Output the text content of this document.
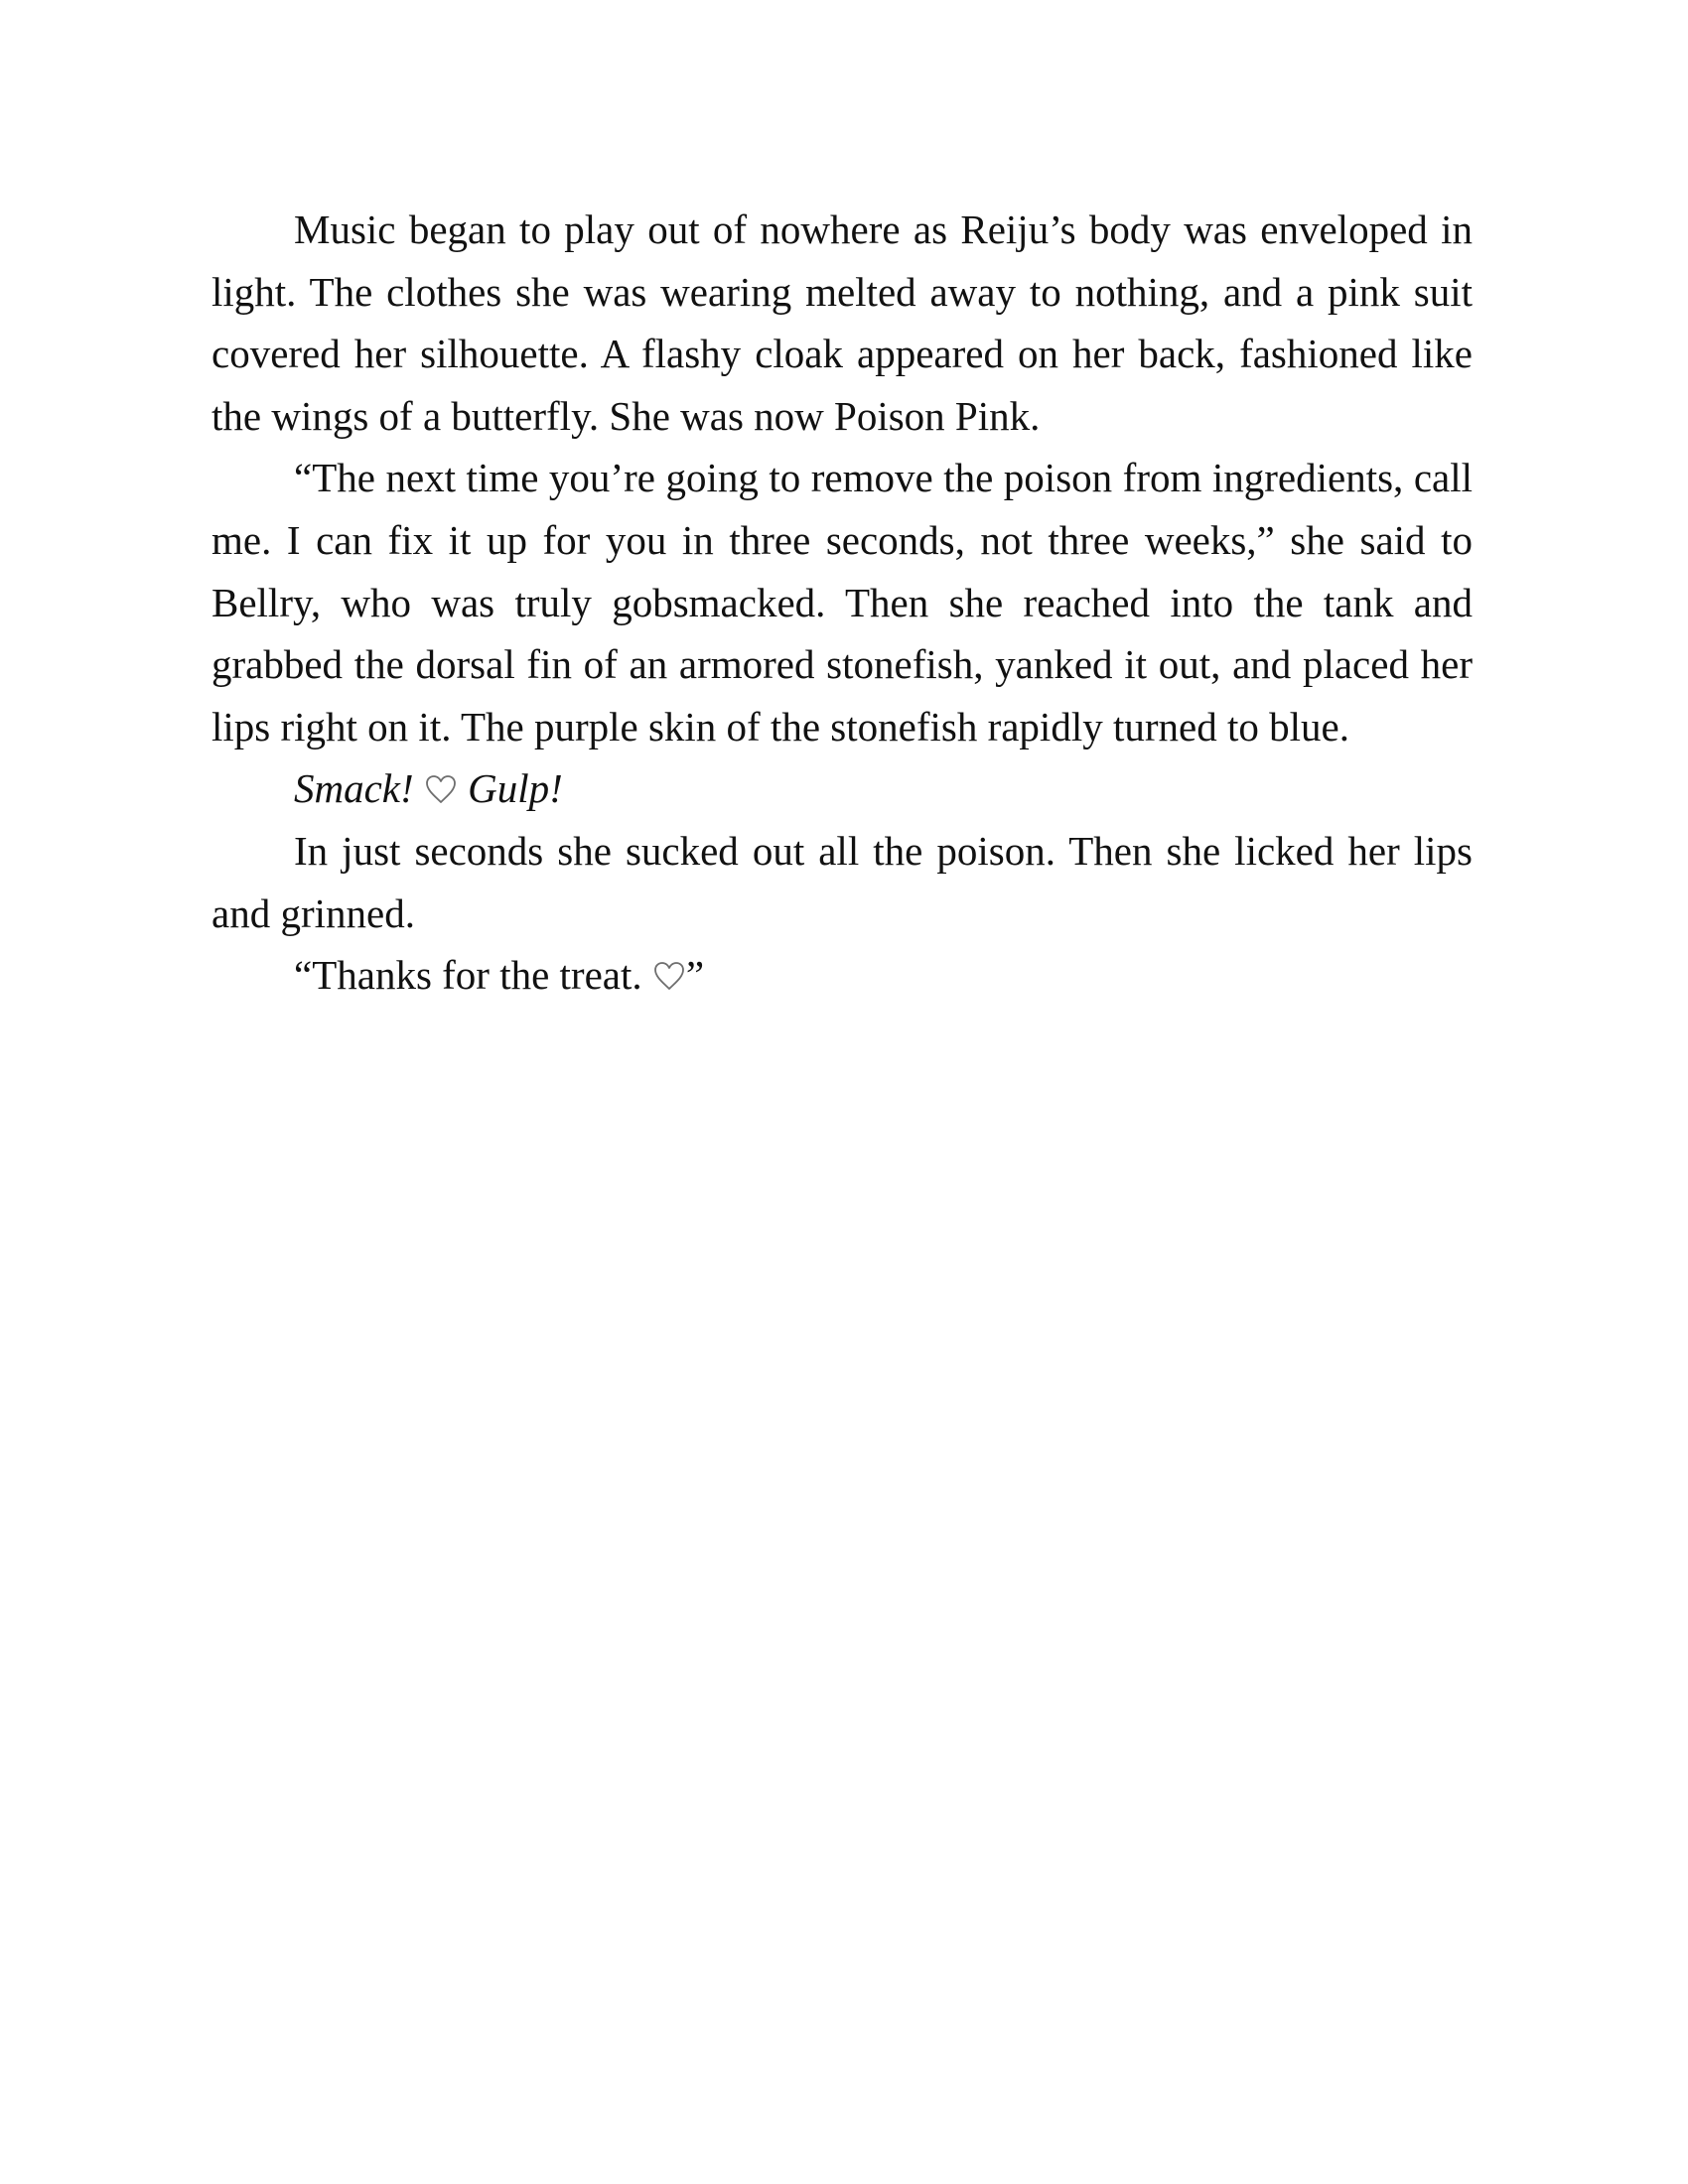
Music began to play out of nowhere as Reiju’s body was enveloped in light. The clothes she was wearing melted away to nothing, and a pink suit covered her silhouette. A flashy cloak appeared on her back, fashioned like the wings of a butterfly. She was now Poison Pink.

“The next time you’re going to remove the poison from ingredients, call me. I can fix it up for you in three seconds, not three weeks,” she said to Bellry, who was truly gobsmacked. Then she reached into the tank and grabbed the dorsal fin of an armored stonefish, yanked it out, and placed her lips right on it. The purple skin of the stonefish rapidly turned to blue.

Smack! Gulp!

In just seconds she sucked out all the poison. Then she licked her lips and grinned.

“Thanks for the treat. ”
